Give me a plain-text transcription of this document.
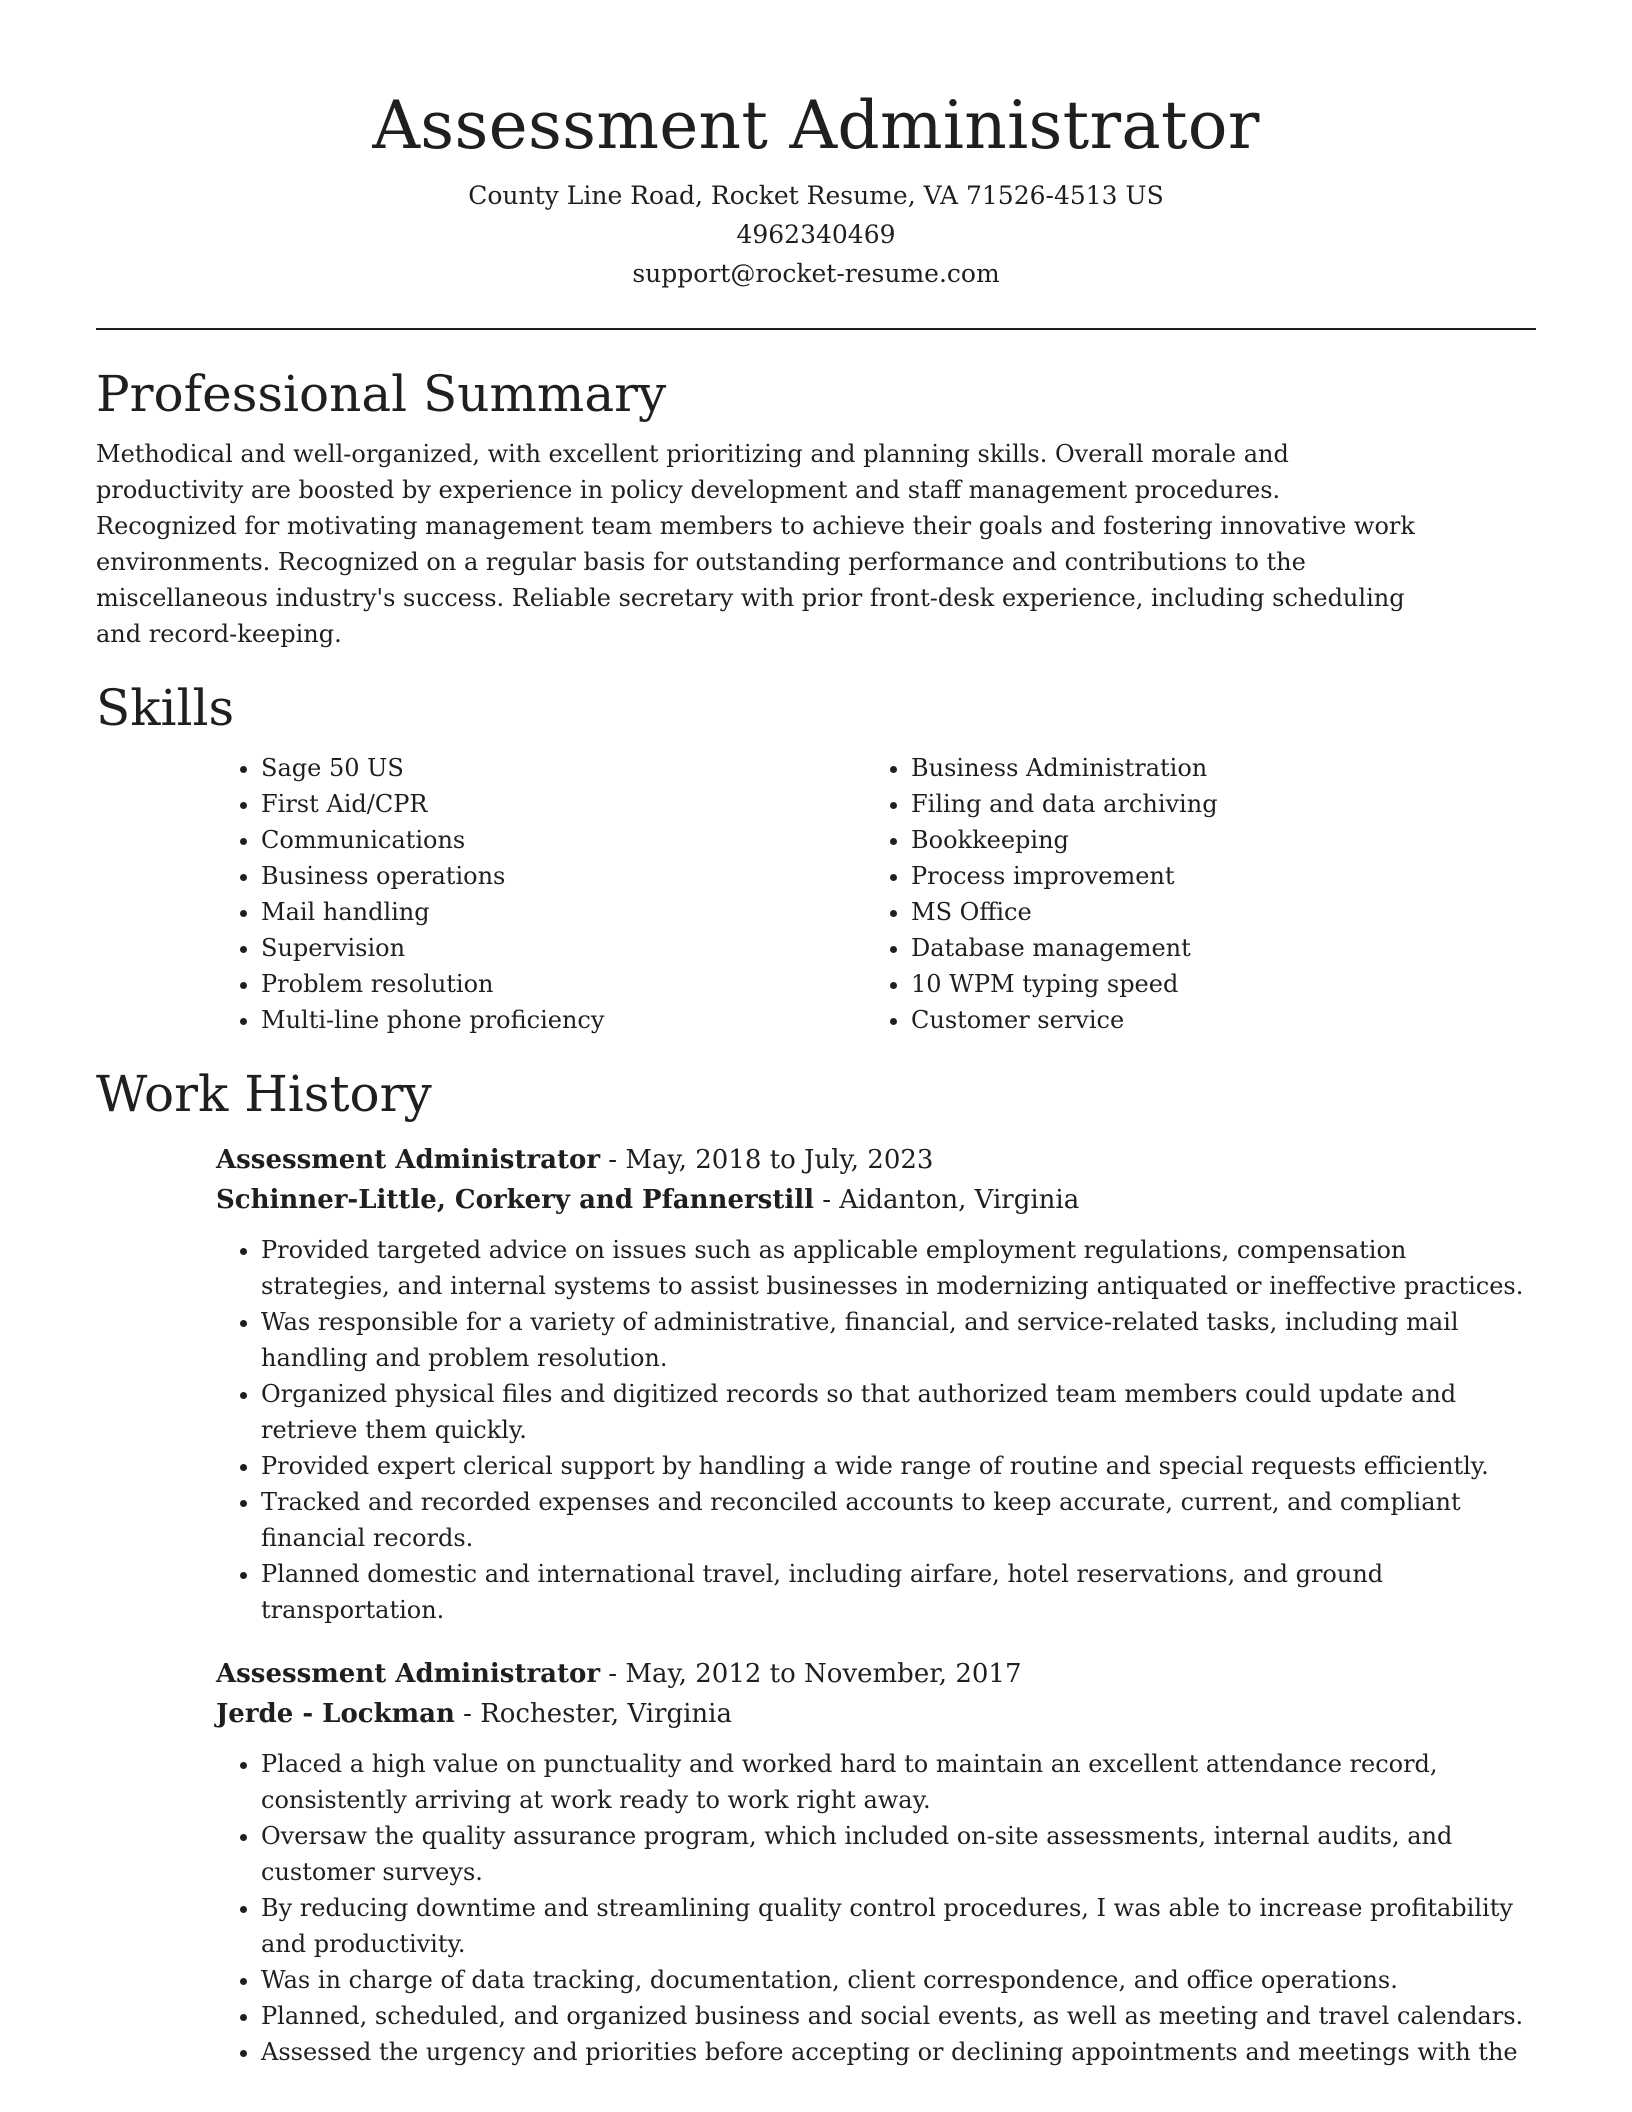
Assessment Administrator

County Line Road, Rocket Resume, VA 71526-4513 US

4962340469

support@rocket-resume.com

Professional Summary

Methodical and well-organized, with excellent prioritizing and planning skills. Overall morale and productivity are boosted by experience in policy development and staff management procedures. Recognized for motivating management team members to achieve their goals and fostering innovative work environments. Recognized on a regular basis for outstanding performance and contributions to the miscellaneous industry's success. Reliable secretary with prior front-desk experience, including scheduling and record-keeping.

Skills
• Sage 50 US
• First Aid/CPR
• Communications
• Business operations
• Mail handling
• Supervision
• Problem resolution
• Multi-line phone proficiency
• Business Administration
• Filing and data archiving
• Bookkeeping
• Process improvement
• MS Office
• Database management
• 10 WPM typing speed
• Customer service
Work History

Assessment Administrator - May, 2018 to July, 2023

Schinner-Little, Corkery and Pfannerstill - Aidanton, Virginia

• Provided targeted advice on issues such as applicable employment regulations, compensation strategies, and internal systems to assist businesses in modernizing antiquated or ineffective practices.
• Was responsible for a variety of administrative, financial, and service-related tasks, including mail handling and problem resolution.
• Organized physical files and digitized records so that authorized team members could update and retrieve them quickly.
• Provided expert clerical support by handling a wide range of routine and special requests efficiently.
• Tracked and recorded expenses and reconciled accounts to keep accurate, current, and compliant financial records.
• Planned domestic and international travel, including airfare, hotel reservations, and ground transportation.

Assessment Administrator - May, 2012 to November, 2017

Jerde - Lockman - Rochester, Virginia

• Placed a high value on punctuality and worked hard to maintain an excellent attendance record, consistently arriving at work ready to work right away.
• Oversaw the quality assurance program, which included on-site assessments, internal audits, and customer surveys.
• By reducing downtime and streamlining quality control procedures, I was able to increase profitability and productivity.
• Was in charge of data tracking, documentation, client correspondence, and office operations.
• Planned, scheduled, and organized business and social events, as well as meeting and travel calendars.
• Assessed the urgency and priorities before accepting or declining appointments and meetings with the
